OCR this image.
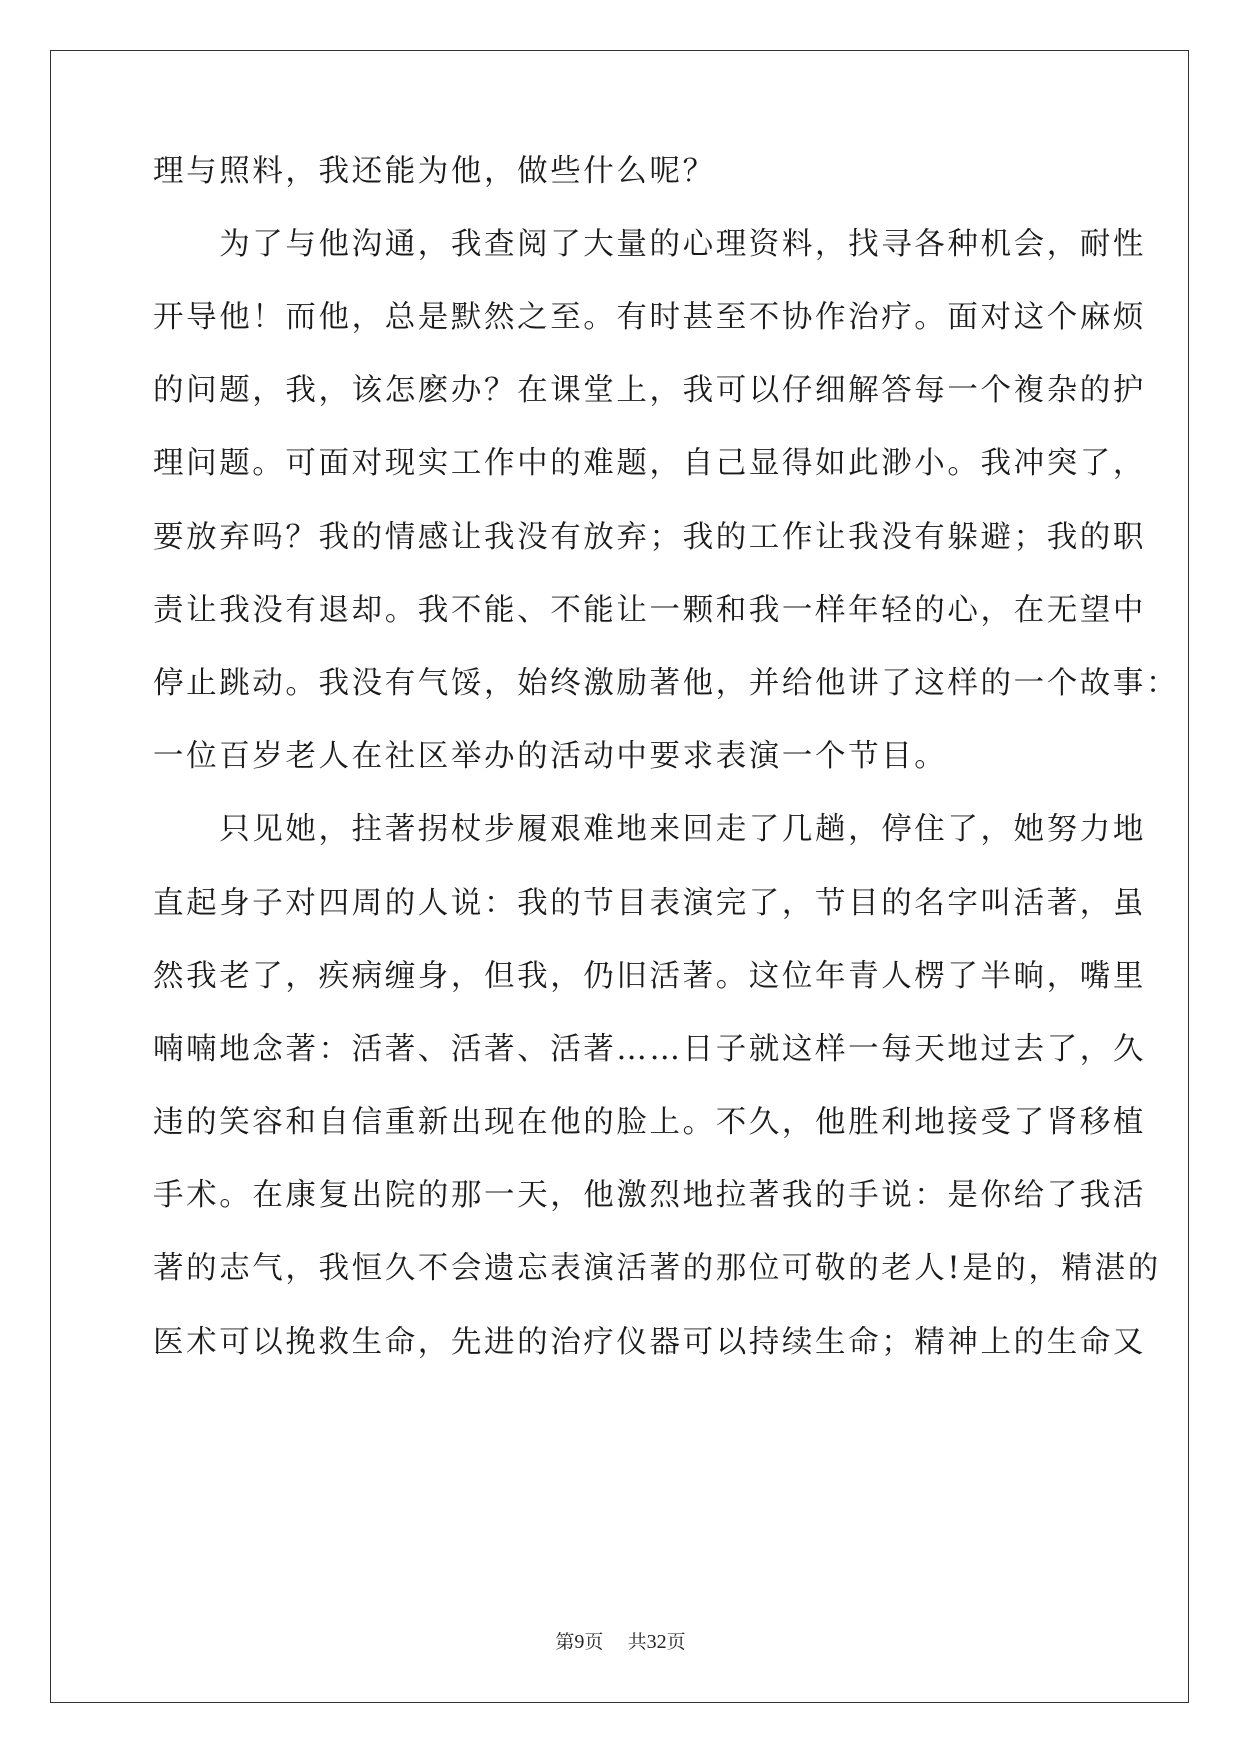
理与照料，我还能为他，做些什么呢？
　　为了与他沟通，我查阅了大量的心理资料，找寻各种机会，耐性
开导他！而他，总是默然之至。有时甚至不协作治疗。面对这个麻烦
的问题，我，该怎麽办？在课堂上，我可以仔细解答每一个複杂的护
理问题。可面对现实工作中的难题，自己显得如此渺小。我冲突了，
要放弃吗？我的情感让我没有放弃；我的工作让我没有躲避；我的职
责让我没有退却。我不能、不能让一颗和我一样年轻的心，在无望中
停止跳动。我没有气馁，始终激励著他，并给他讲了这样的一个故事：
一位百岁老人在社区举办的活动中要求表演一个节目。
　　只见她，拄著拐杖步履艰难地来回走了几趟，停住了，她努力地
直起身子对四周的人说：我的节目表演完了，节目的名字叫活著，虽
然我老了，疾病缠身，但我，仍旧活著。这位年青人楞了半晌，嘴里
喃喃地念著：活著、活著、活著……日子就这样一每天地过去了，久
违的笑容和自信重新出现在他的脸上。不久，他胜利地接受了肾移植
手术。在康复出院的那一天，他激烈地拉著我的手说：是你给了我活
著的志气，我恒久不会遗忘表演活著的那位可敬的老人!是的，精湛的
医术可以挽救生命，先进的治疗仪器可以持续生命；精神上的生命又
第9页 共32页
